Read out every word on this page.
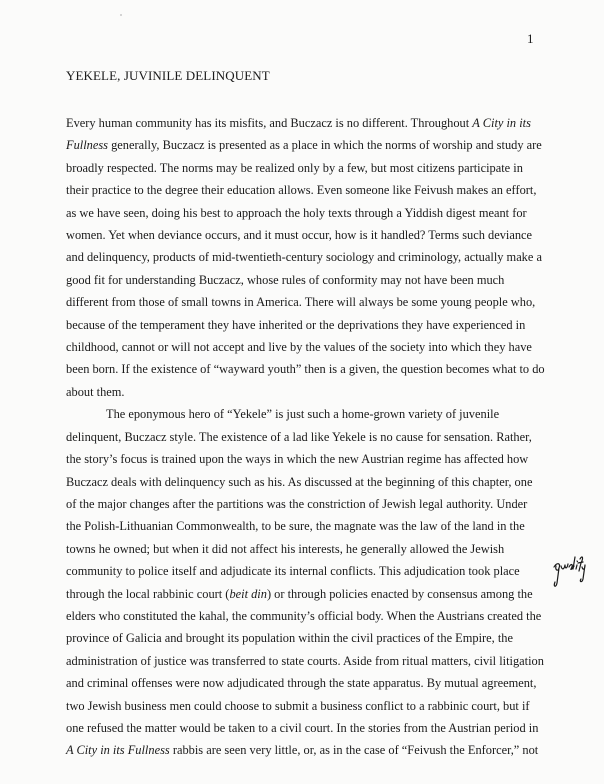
1
YEKELE, JUVINILE DELINQUENT
Every human community has its misfits, and Buczacz is no different. Throughout A City in its
Fullness generally, Buczacz is presented as a place in which the norms of worship and study are
broadly respected. The norms may be realized only by a few, but most citizens participate in
their practice to the degree their education allows. Even someone like Feivush makes an effort,
as we have seen, doing his best to approach the holy texts through a Yiddish digest meant for
women. Yet when deviance occurs, and it must occur, how is it handled? Terms such deviance
and delinquency, products of mid-twentieth-century sociology and criminology, actually make a
good fit for understanding Buczacz, whose rules of conformity may not have been much
different from those of small towns in America. There will always be some young people who,
because of the temperament they have inherited or the deprivations they have experienced in
childhood, cannot or will not accept and live by the values of the society into which they have
been born. If the existence of “wayward youth” then is a given, the question becomes what to do
about them.
The eponymous hero of “Yekele” is just such a home-grown variety of juvenile
delinquent, Buczacz style. The existence of a lad like Yekele is no cause for sensation. Rather,
the story’s focus is trained upon the ways in which the new Austrian regime has affected how
Buczacz deals with delinquency such as his. As discussed at the beginning of this chapter, one
of the major changes after the partitions was the constriction of Jewish legal authority. Under
the Polish-Lithuanian Commonwealth, to be sure, the magnate was the law of the land in the
towns he owned; but when it did not affect his interests, he generally allowed the Jewish
community to police itself and adjudicate its internal conflicts. This adjudication took place
through the local rabbinic court (beit din) or through policies enacted by consensus among the
elders who constituted the kahal, the community’s official body. When the Austrians created the
province of Galicia and brought its population within the civil practices of the Empire, the
administration of justice was transferred to state courts. Aside from ritual matters, civil litigation
and criminal offenses were now adjudicated through the state apparatus. By mutual agreement,
two Jewish business men could choose to submit a business conflict to a rabbinic court, but if
one refused the matter would be taken to a civil court. In the stories from the Austrian period in
A City in its Fullness rabbis are seen very little, or, as in the case of “Feivush the Enforcer,” not
